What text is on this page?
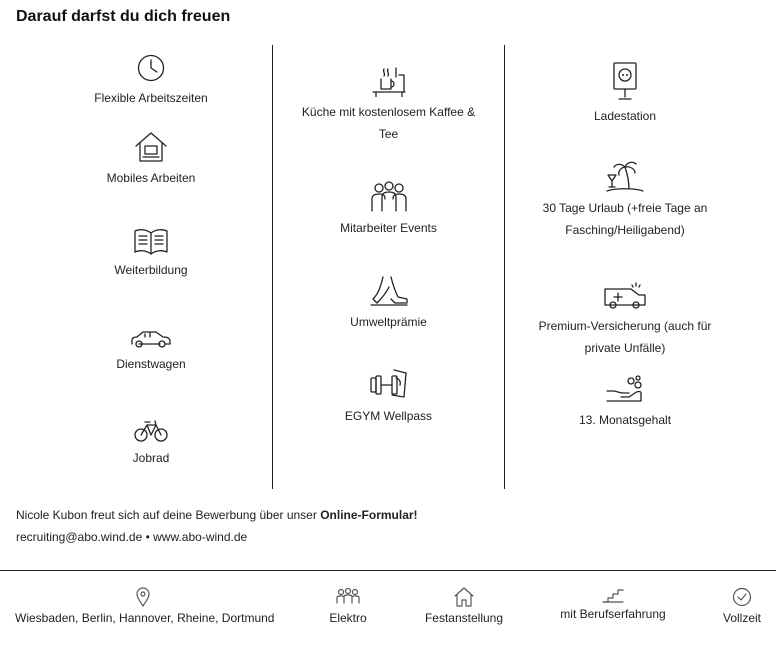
Darauf darfst du dich freuen
Flexible Arbeitszeiten
Mobiles Arbeiten
Weiterbildung
Dienstwagen
Jobrad
Küche mit kostenlosem Kaffee & Tee
Mitarbeiter Events
Umweltprämie
EGYM Wellpass
Ladestation
30 Tage Urlaub (+freie Tage an Fasching/Heiligabend)
Premium-Versicherung (auch für private Unfälle)
13. Monatsgehalt
Nicole Kubon freut sich auf deine Bewerbung über unser Online-Formular!
recruiting@abo.wind.de • www.abo-wind.de
Wiesbaden, Berlin, Hannover, Rheine, Dortmund	Elektro	Festanstellung	mit Berufserfahrung	Vollzeit
